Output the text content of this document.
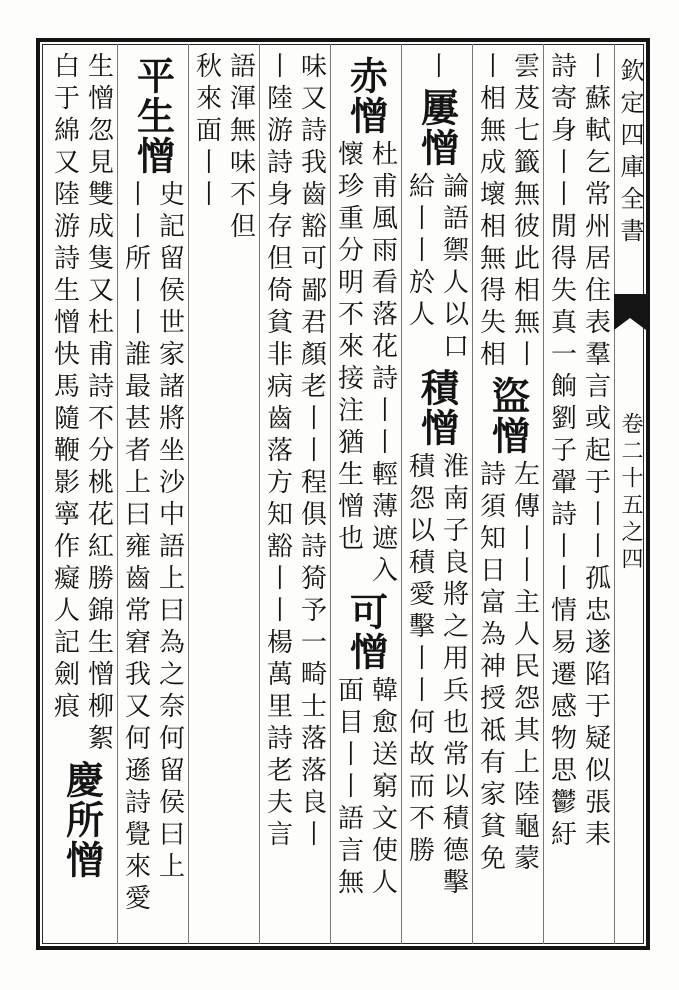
欽定四庫全書
卷二十五之四
丨蘇軾乞常州居住表羣言或起于丨丨孤忠遂陷于疑似張耒
詩寄身丨丨閒得失真一餉劉子翬詩丨丨情易遷感物思鬱紆
雲芨七籤無彼此相無丨
丨相無成壞相無得失相
盜憎
左傳丨丨主人民怨其上陸龜蒙
詩須知日富為神授祗有家貧免
丨
屢憎
論語禦人以口
給丨丨於人
積憎
淮南子良將之用兵也常以積德擊
積怨以積愛擊丨丨何故而不勝
赤憎
杜甫風雨看落花詩丨丨輕薄遮入
懷珍重分明不來接注猶生憎也
可憎
韓愈送窮文使人
面目丨丨語言無
味又詩我齒豁可鄙君顏老丨丨程俱詩猗予一畸士落落良丨
丨陸游詩身存但倚貧非病齒落方知豁丨丨楊萬里詩老夫言
語渾無味不但
秋來面丨丨
平生憎
史記留侯世家諸將坐沙中語上曰為之奈何留侯曰上
丨丨所丨丨誰最甚者上曰雍齒常窘我又何遜詩覺來愛
生憎忽見雙成隻又杜甫詩不分桃花紅勝錦生憎柳絮
白于綿又陸游詩生憎快馬隨鞭影寧作癡人記劍痕
慶所憎
